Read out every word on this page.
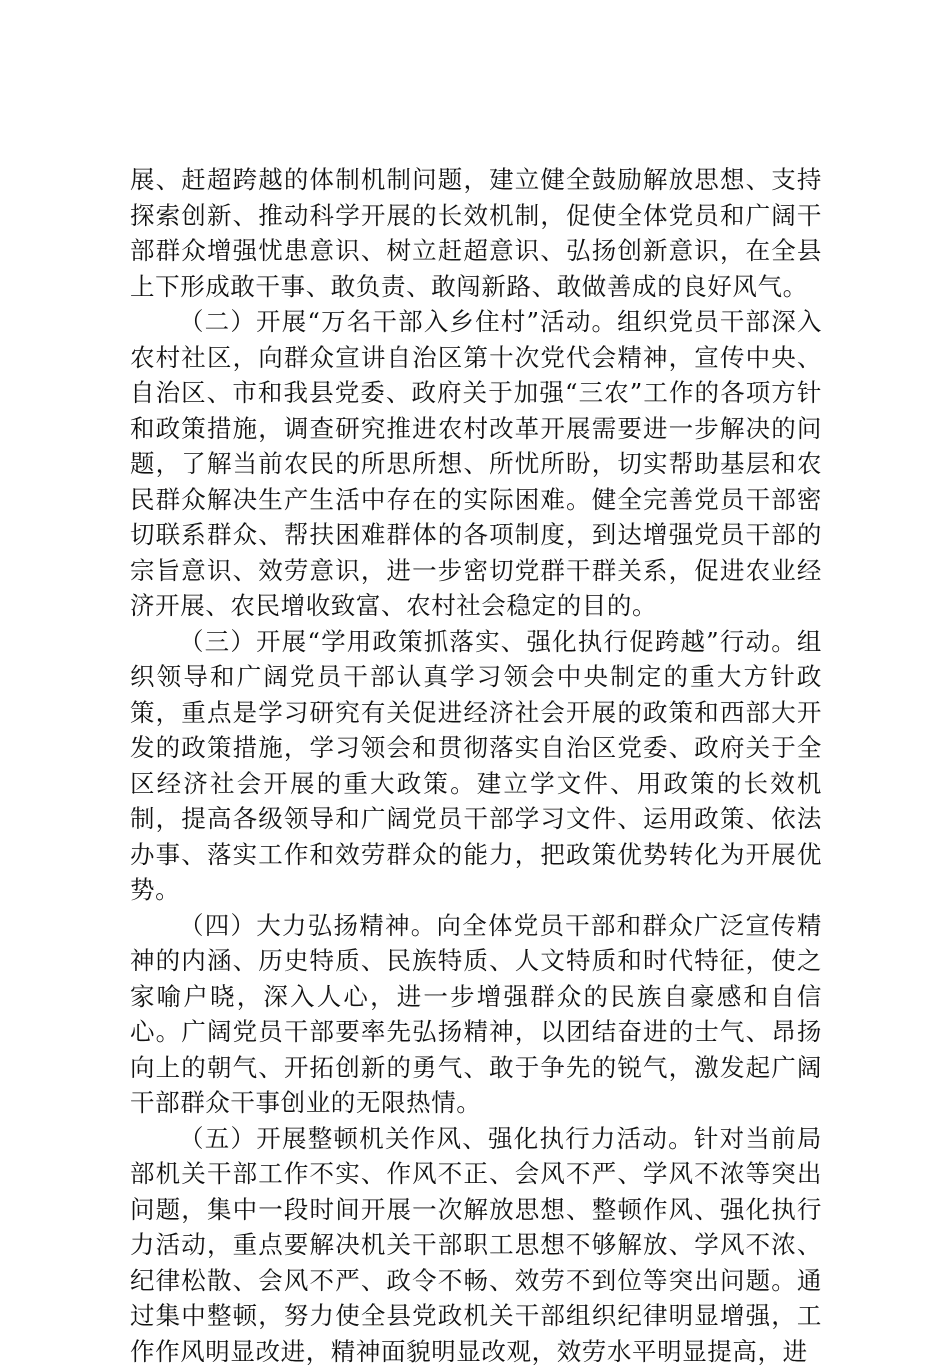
展、赶超跨越的体制机制问题，建立健全鼓励解放思想、支持探索创新、推动科学开展的长效机制，促使全体党员和广阔干部群众增强忧患意识、树立赶超意识、弘扬创新意识，在全县上下形成敢干事、敢负责、敢闯新路、敢做善成的良好风气。

（二）开展“万名干部入乡住村”活动。组织党员干部深入农村社区，向群众宣讲自治区第十次党代会精神，宣传中央、自治区、市和我县党委、政府关于加强“三农”工作的各项方针和政策措施，调查研究推进农村改革开展需要进一步解决的问题，了解当前农民的所思所想、所忧所盼，切实帮助基层和农民群众解决生产生活中存在的实际困难。健全完善党员干部密切联系群众、帮扶困难群体的各项制度，到达增强党员干部的宗旨意识、效劳意识，进一步密切党群干群关系，促进农业经济开展、农民增收致富、农村社会稳定的目的。

（三）开展“学用政策抓落实、强化执行促跨越”行动。组织领导和广阔党员干部认真学习领会中央制定的重大方针政策，重点是学习研究有关促进经济社会开展的政策和西部大开发的政策措施，学习领会和贯彻落实自治区党委、政府关于全区经济社会开展的重大政策。建立学文件、用政策的长效机制，提高各级领导和广阔党员干部学习文件、运用政策、依法办事、落实工作和效劳群众的能力，把政策优势转化为开展优势。

（四）大力弘扬精神。向全体党员干部和群众广泛宣传精神的内涵、历史特质、民族特质、人文特质和时代特征，使之家喻户晓，深入人心，进一步增强群众的民族自豪感和自信心。广阔党员干部要率先弘扬精神，以团结奋进的士气、昂扬向上的朝气、开拓创新的勇气、敢于争先的锐气，激发起广阔干部群众干事创业的无限热情。

（五）开展整顿机关作风、强化执行力活动。针对当前局部机关干部工作不实、作风不正、会风不严、学风不浓等突出问题，集中一段时间开展一次解放思想、整顿作风、强化执行力活动，重点要解决机关干部职工思想不够解放、学风不浓、纪律松散、会风不严、政令不畅、效劳不到位等突出问题。通过集中整顿，努力使全县党政机关干部组织纪律明显增强，工作作风明显改进，精神面貌明显改观，效劳水平明显提高，进
